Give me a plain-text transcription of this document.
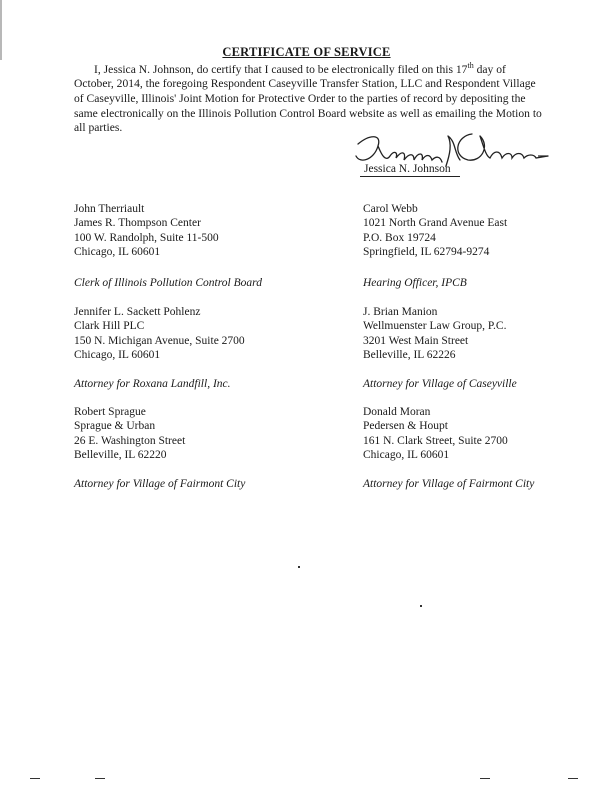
CERTIFICATE OF SERVICE

I, Jessica N. Johnson, do certify that I caused to be electronically filed on this 17th day of October, 2014, the foregoing Respondent Caseyville Transfer Station, LLC and Respondent Village of Caseyville, Illinois' Joint Motion for Protective Order to the parties of record by depositing the same electronically on the Illinois Pollution Control Board website as well as emailing the Motion to all parties.

Jessica N. Johnson
John Therriault
James R. Thompson Center
100 W. Randolph, Suite 11-500
Chicago, IL 60601
Clerk of Illinois Pollution Control Board
Jennifer L. Sackett Pohlenz
Clark Hill PLC
150 N. Michigan Avenue, Suite 2700
Chicago, IL 60601
Attorney for Roxana Landfill, Inc.
Robert Sprague
Sprague & Urban
26 E. Washington Street
Belleville, IL 62220
Attorney for Village of Fairmont City
Carol Webb
1021 North Grand Avenue East
P.O. Box 19724
Springfield, IL 62794-9274
Hearing Officer, IPCB
J. Brian Manion
Wellmuenster Law Group, P.C.
3201 West Main Street
Belleville, IL 62226
Attorney for Village of Caseyville
Donald Moran
Pedersen & Houpt
161 N. Clark Street, Suite 2700
Chicago, IL 60601
Attorney for Village of Fairmont City
